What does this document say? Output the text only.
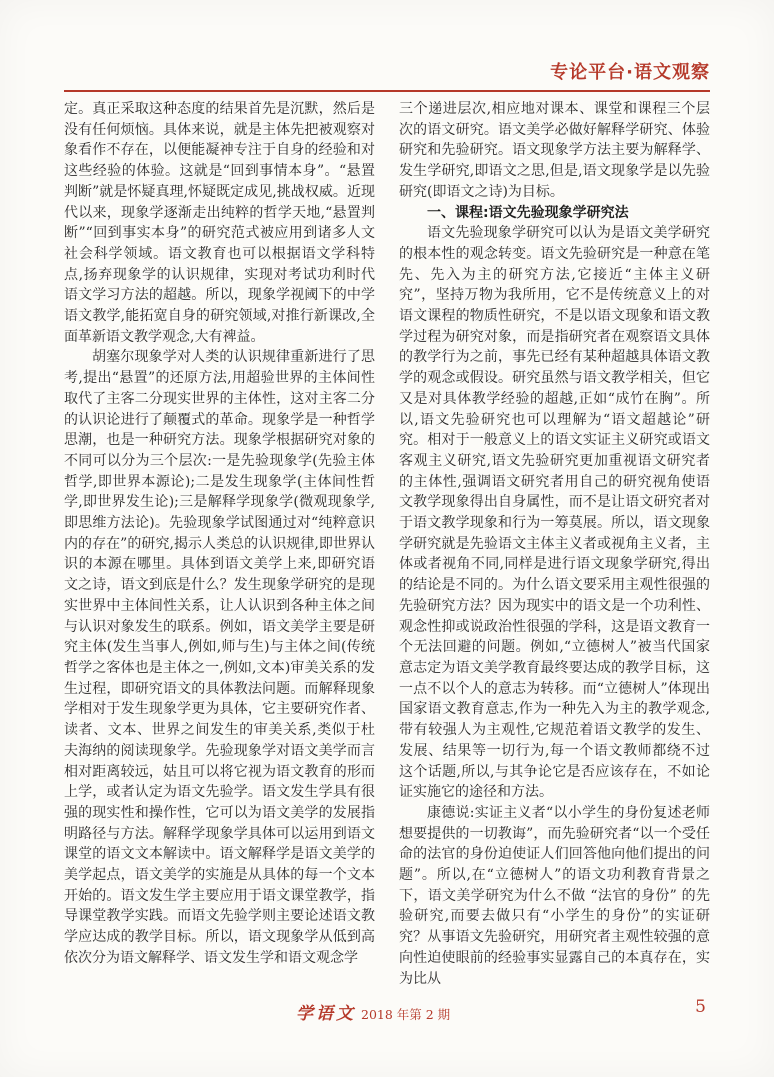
专论平台·语文观察

定。真正采取这种态度的结果首先是沉默，然后是没有任何烦恼。具体来说，就是主体先把被观察对象看作不存在，以便能凝神专注于自身的经验和对这些经验的体验。这就是“回到事情本身”。“悬置判断”就是怀疑真理,怀疑既定成见,挑战权威。近现代以来，现象学逐渐走出纯粹的哲学天地,“悬置判断”“回到事实本身”的研究范式被应用到诸多人文社会科学领域。语文教育也可以根据语文学科特点,扬弃现象学的认识规律，实现对考试功利时代语文学习方法的超越。所以，现象学视阈下的中学语文教学,能拓宽自身的研究领域,对推行新课改,全面革新语文教学观念,大有禆益。

胡塞尔现象学对人类的认识规律重新进行了思考,提出“悬置”的还原方法,用超验世界的主体间性取代了主客二分现实世界的主体性，这对主客二分的认识论进行了颠覆式的革命。现象学是一种哲学思潮，也是一种研究方法。现象学根据研究对象的不同可以分为三个层次:一是先验现象学(先验主体哲学,即世界本源论);二是发生现象学(主体间性哲学,即世界发生论);三是解释学现象学(微观现象学,即思维方法论)。先验现象学试图通过对“纯粹意识内的存在”的研究,揭示人类总的认识规律,即世界认识的本源在哪里。具体到语文美学上来,即研究语文之诗，语文到底是什么？发生现象学研究的是现实世界中主体间性关系，让人认识到各种主体之间与认识对象发生的联系。例如，语文美学主要是研究主体(发生当事人,例如,师与生)与主体之间(传统哲学之客体也是主体之一,例如,文本)审美关系的发生过程，即研究语文的具体教法问题。而解释现象学相对于发生现象学更为具体，它主要研究作者、读者、文本、世界之间发生的审美关系,类似于杜夫海纳的阅读现象学。先验现象学对语文美学而言相对距离较远，姑且可以将它视为语文教育的形而上学，或者认定为语文先验学。语文发生学具有很强的现实性和操作性，它可以为语文美学的发展指明路径与方法。解释学现象学具体可以运用到语文课堂的语文文本解读中。语文解释学是语文美学的美学起点，语文美学的实施是从具体的每一个文本开始的。语文发生学主要应用于语文课堂教学，指导课堂教学实践。而语文先验学则主要论述语文教学应达成的教学目标。所以，语文现象学从低到高依次分为语文解释学、语文发生学和语文观念学

三个递进层次,相应地对课本、课堂和课程三个层次的语文研究。语文美学必做好解释学研究、体验研究和先验研究。语文现象学方法主要为解释学、发生学研究,即语文之思,但是,语文现象学是以先验研究(即语文之诗)为目标。

一、课程:语文先验现象学研究法

语文先验现象学研究可以认为是语文美学研究的根本性的观念转变。语文先验研究是一种意在笔先、先入为主的研究方法,它接近“主体主义研究”，坚持万物为我所用，它不是传统意义上的对语文课程的物质性研究，不是以语文现象和语文教学过程为研究对象，而是指研究者在观察语文具体的教学行为之前，事先已经有某种超越具体语文教学的观念或假设。研究虽然与语文教学相关，但它又是对具体教学经验的超越,正如“成竹在胸”。所以,语文先验研究也可以理解为“语文超越论”研究。相对于一般意义上的语文实证主义研究或语文客观主义研究,语文先验研究更加重视语文研究者的主体性,强调语文研究者用自己的研究视角使语文教学现象得出自身属性，而不是让语文研究者对于语文教学现象和行为一筹莫展。所以，语文现象学研究就是先验语文主体主义者或视角主义者，主体或者视角不同,同样是进行语文现象学研究,得出的结论是不同的。为什么语文要采用主观性很强的先验研究方法？因为现实中的语文是一个功利性、观念性抑或说政治性很强的学科，这是语文教育一个无法回避的问题。例如,“立德树人”被当代国家意志定为语文美学教育最终要达成的教学目标，这一点不以个人的意志为转移。而“立德树人”体现出国家语文教育意志,作为一种先入为主的教学观念,带有较强人为主观性,它规范着语文教学的发生、发展、结果等一切行为,每一个语文教师都绕不过这个话题,所以,与其争论它是否应该存在，不如论证实施它的途径和方法。

康德说:实证主义者“以小学生的身份复述老师想要提供的一切教诲”，而先验研究者“以一个受任命的法官的身份迫使证人们回答他向他们提出的问题”。所以,在“立德树人”的语文功利教育背景之下，语文美学研究为什么不做 “法官的身份” 的先验研究,而要去做只有“小学生的身份”的实证研究？从事语文先验研究，用研究者主观性较强的意向性迫使眼前的经验事实显露自己的本真存在，实为比从

学语文 2018 年第 2 期	5
